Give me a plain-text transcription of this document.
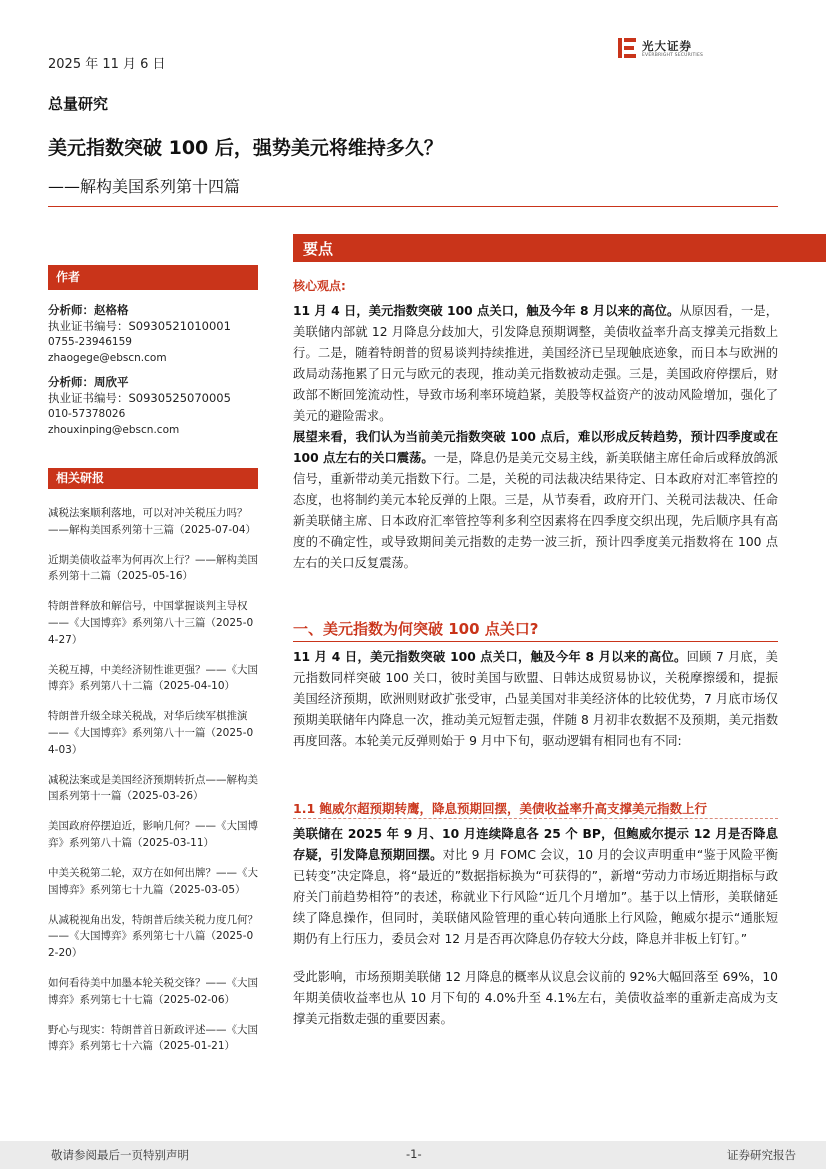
2025 年 11 月 6 日
光大证券
EVERBRIGHT SECURITIES
总量研究
美元指数突破 100 后，强势美元将维持多久？
——解构美国系列第十四篇
作者
分析师：赵格格
执业证书编号：S0930521010001
0755-23946159
zhaogege@ebscn.com
分析师：周欣平
执业证书编号：S0930525070005
010-57378026
zhouxinping@ebscn.com
相关研报
减税法案顺利落地，可以对冲关税压力吗？——解构美国系列第十三篇（2025-07-04）
近期美债收益率为何再次上行？——解构美国系列第十二篇（2025-05-16）
特朗普释放和解信号，中国掌握谈判主导权——《大国博弈》系列第八十三篇（2025-04-27）
关税互搏，中美经济韧性谁更强？——《大国博弈》系列第八十二篇（2025-04-10）
特朗普升级全球关税战，对华后续军棋推演——《大国博弈》系列第八十一篇（2025-04-03）
减税法案或是美国经济预期转折点——解构美国系列第十一篇（2025-03-26）
美国政府停摆迫近，影响几何？——《大国博弈》系列第八十篇（2025-03-11）
中美关税第二轮，双方在如何出牌？——《大国博弈》系列第七十九篇（2025-03-05）
从减税视角出发，特朗普后续关税力度几何？——《大国博弈》系列第七十八篇（2025-02-20）
如何看待美中加墨本轮关税交锋？——《大国博弈》系列第七十七篇（2025-02-06）
野心与现实：特朗普首日新政评述——《大国博弈》系列第七十六篇（2025-01-21）
要点
核心观点:
11 月 4 日，美元指数突破 100 点关口，触及今年 8 月以来的高位。从原因看，一是，美联储内部就 12 月降息分歧加大，引发降息预期调整，美债收益率升高支撑美元指数上行。二是，随着特朗普的贸易谈判持续推进，美国经济已呈现触底迹象，而日本与欧洲的政局动荡拖累了日元与欧元的表现，推动美元指数被动走强。三是，美国政府停摆后，财政部不断回笼流动性，导致市场利率环境趋紧，美股等权益资产的波动风险增加，强化了美元的避险需求。
展望来看，我们认为当前美元指数突破 100 点后，难以形成反转趋势，预计四季度或在 100 点左右的关口震荡。一是，降息仍是美元交易主线，新美联储主席任命后或释放鸽派信号，重新带动美元指数下行。二是，关税的司法裁决结果待定、日本政府对汇率管控的态度，也将制约美元本轮反弹的上限。三是，从节奏看，政府开门、关税司法裁决、任命新美联储主席、日本政府汇率管控等利多利空因素将在四季度交织出现，先后顺序具有高度的不确定性，或导致期间美元指数的走势一波三折，预计四季度美元指数将在 100 点左右的关口反复震荡。
一、美元指数为何突破 100 点关口?
11 月 4 日，美元指数突破 100 点关口，触及今年 8 月以来的高位。回顾 7 月底，美元指数同样突破 100 关口，彼时美国与欧盟、日韩达成贸易协议，关税摩擦缓和，提振美国经济预期，欧洲则财政扩张受审，凸显美国对非美经济体的比较优势，7 月底市场仅预期美联储年内降息一次，推动美元短暂走强，伴随 8 月初非农数据不及预期，美元指数再度回落。本轮美元反弹则始于 9 月中下旬，驱动逻辑有相同也有不同:
1.1 鲍威尔超预期转鹰，降息预期回摆，美债收益率升高支撑美元指数上行
美联储在 2025 年 9 月、10 月连续降息各 25 个 BP，但鲍威尔提示 12 月是否降息存疑，引发降息预期回摆。对比 9 月 FOMC 会议，10 月的会议声明重申“鉴于风险平衡已转变”决定降息，将“最近的”数据指标换为“可获得的”，新增“劳动力市场近期指标与政府关门前趋势相符”的表述，称就业下行风险“近几个月增加”。基于以上情形，美联储延续了降息操作，但同时，美联储风险管理的重心转向通胀上行风险，鲍威尔提示“通胀短期仍有上行压力，委员会对 12 月是否再次降息仍存较大分歧，降息并非板上钉钉。”
受此影响，市场预期美联储 12 月降息的概率从议息会议前的 92%大幅回落至 69%，10 年期美债收益率也从 10 月下旬的 4.0%升至 4.1%左右，美债收益率的重新走高成为支撑美元指数走强的重要因素。
敬请参阅最后一页特别声明	-1-	证券研究报告
